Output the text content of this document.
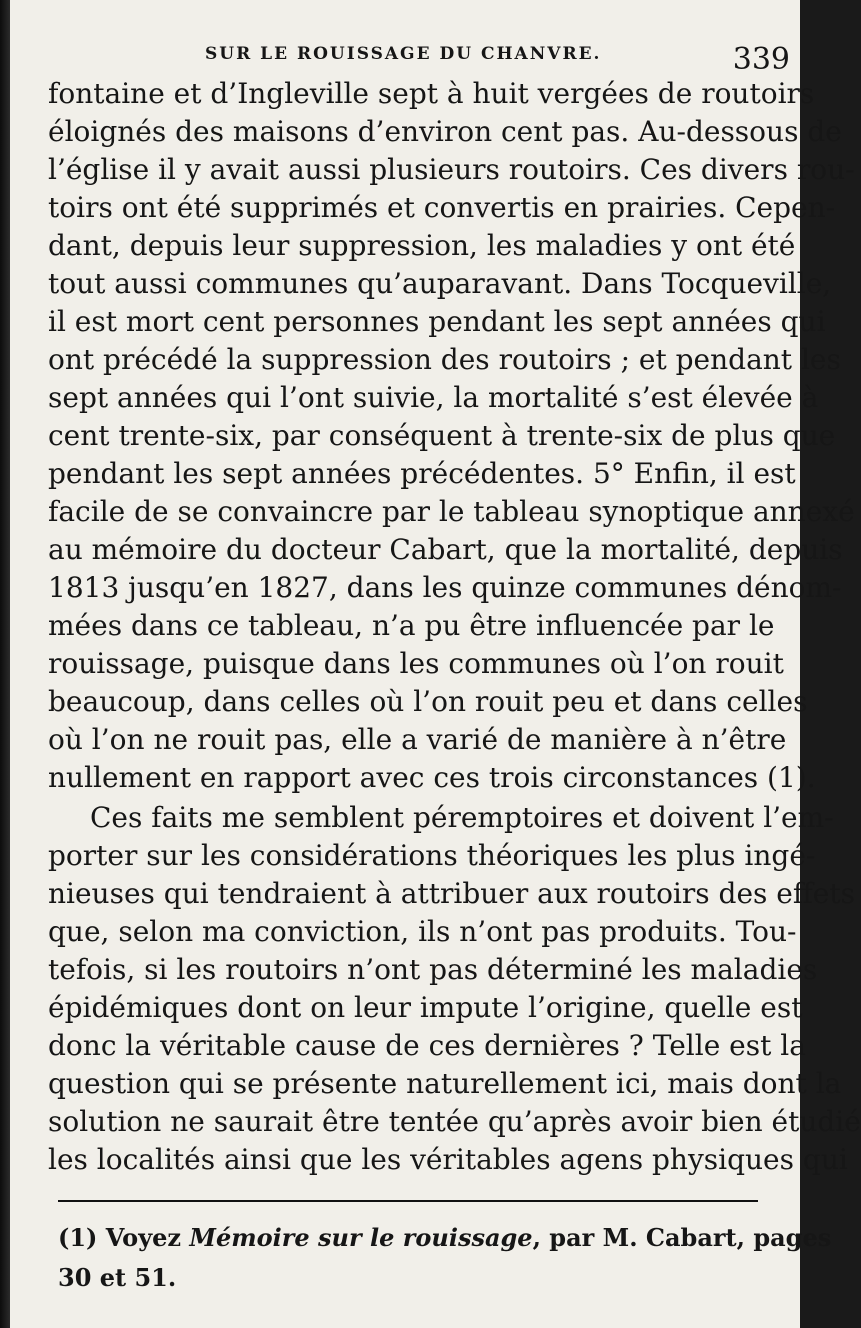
SUR LE ROUISSAGE DU CHANVRE.	339
fontaine et d’Ingleville sept à huit vergées de routoirs
éloignés des maisons d’environ cent pas. Au-dessous de
l’église il y avait aussi plusieurs routoirs. Ces divers rou-
toirs ont été supprimés et convertis en prairies. Cepen-
dant, depuis leur suppression, les maladies y ont été
tout aussi communes qu’auparavant. Dans Tocqueville,
il est mort cent personnes pendant les sept années qui
ont précédé la suppression des routoirs ; et pendant les
sept années qui l’ont suivie, la mortalité s’est élevée à
cent trente-six, par conséquent à trente-six de plus que
pendant les sept années précédentes. 5° Enfin, il est
facile de se convaincre par le tableau synoptique annexé
au mémoire du docteur Cabart, que la mortalité, depuis
1813 jusqu’en 1827, dans les quinze communes dénom-
mées dans ce tableau, n’a pu être influencée par le
rouissage, puisque dans les communes où l’on rouit
beaucoup, dans celles où l’on rouit peu et dans celles
où l’on ne rouit pas, elle a varié de manière à n’être
nullement en rapport avec ces trois circonstances (1).
Ces faits me semblent péremptoires et doivent l’em-
porter sur les considérations théoriques les plus ingé-
nieuses qui tendraient à attribuer aux routoirs des effets
que, selon ma conviction, ils n’ont pas produits. Tou-
tefois, si les routoirs n’ont pas déterminé les maladies
épidémiques dont on leur impute l’origine, quelle est
donc la véritable cause de ces dernières ? Telle est la
question qui se présente naturellement ici, mais dont la
solution ne saurait être tentée qu’après avoir bien étudié
les localités ainsi que les véritables agens physiques qui
(1) Voyez Mémoire sur le rouissage, par M. Cabart, pages
30 et 51.
